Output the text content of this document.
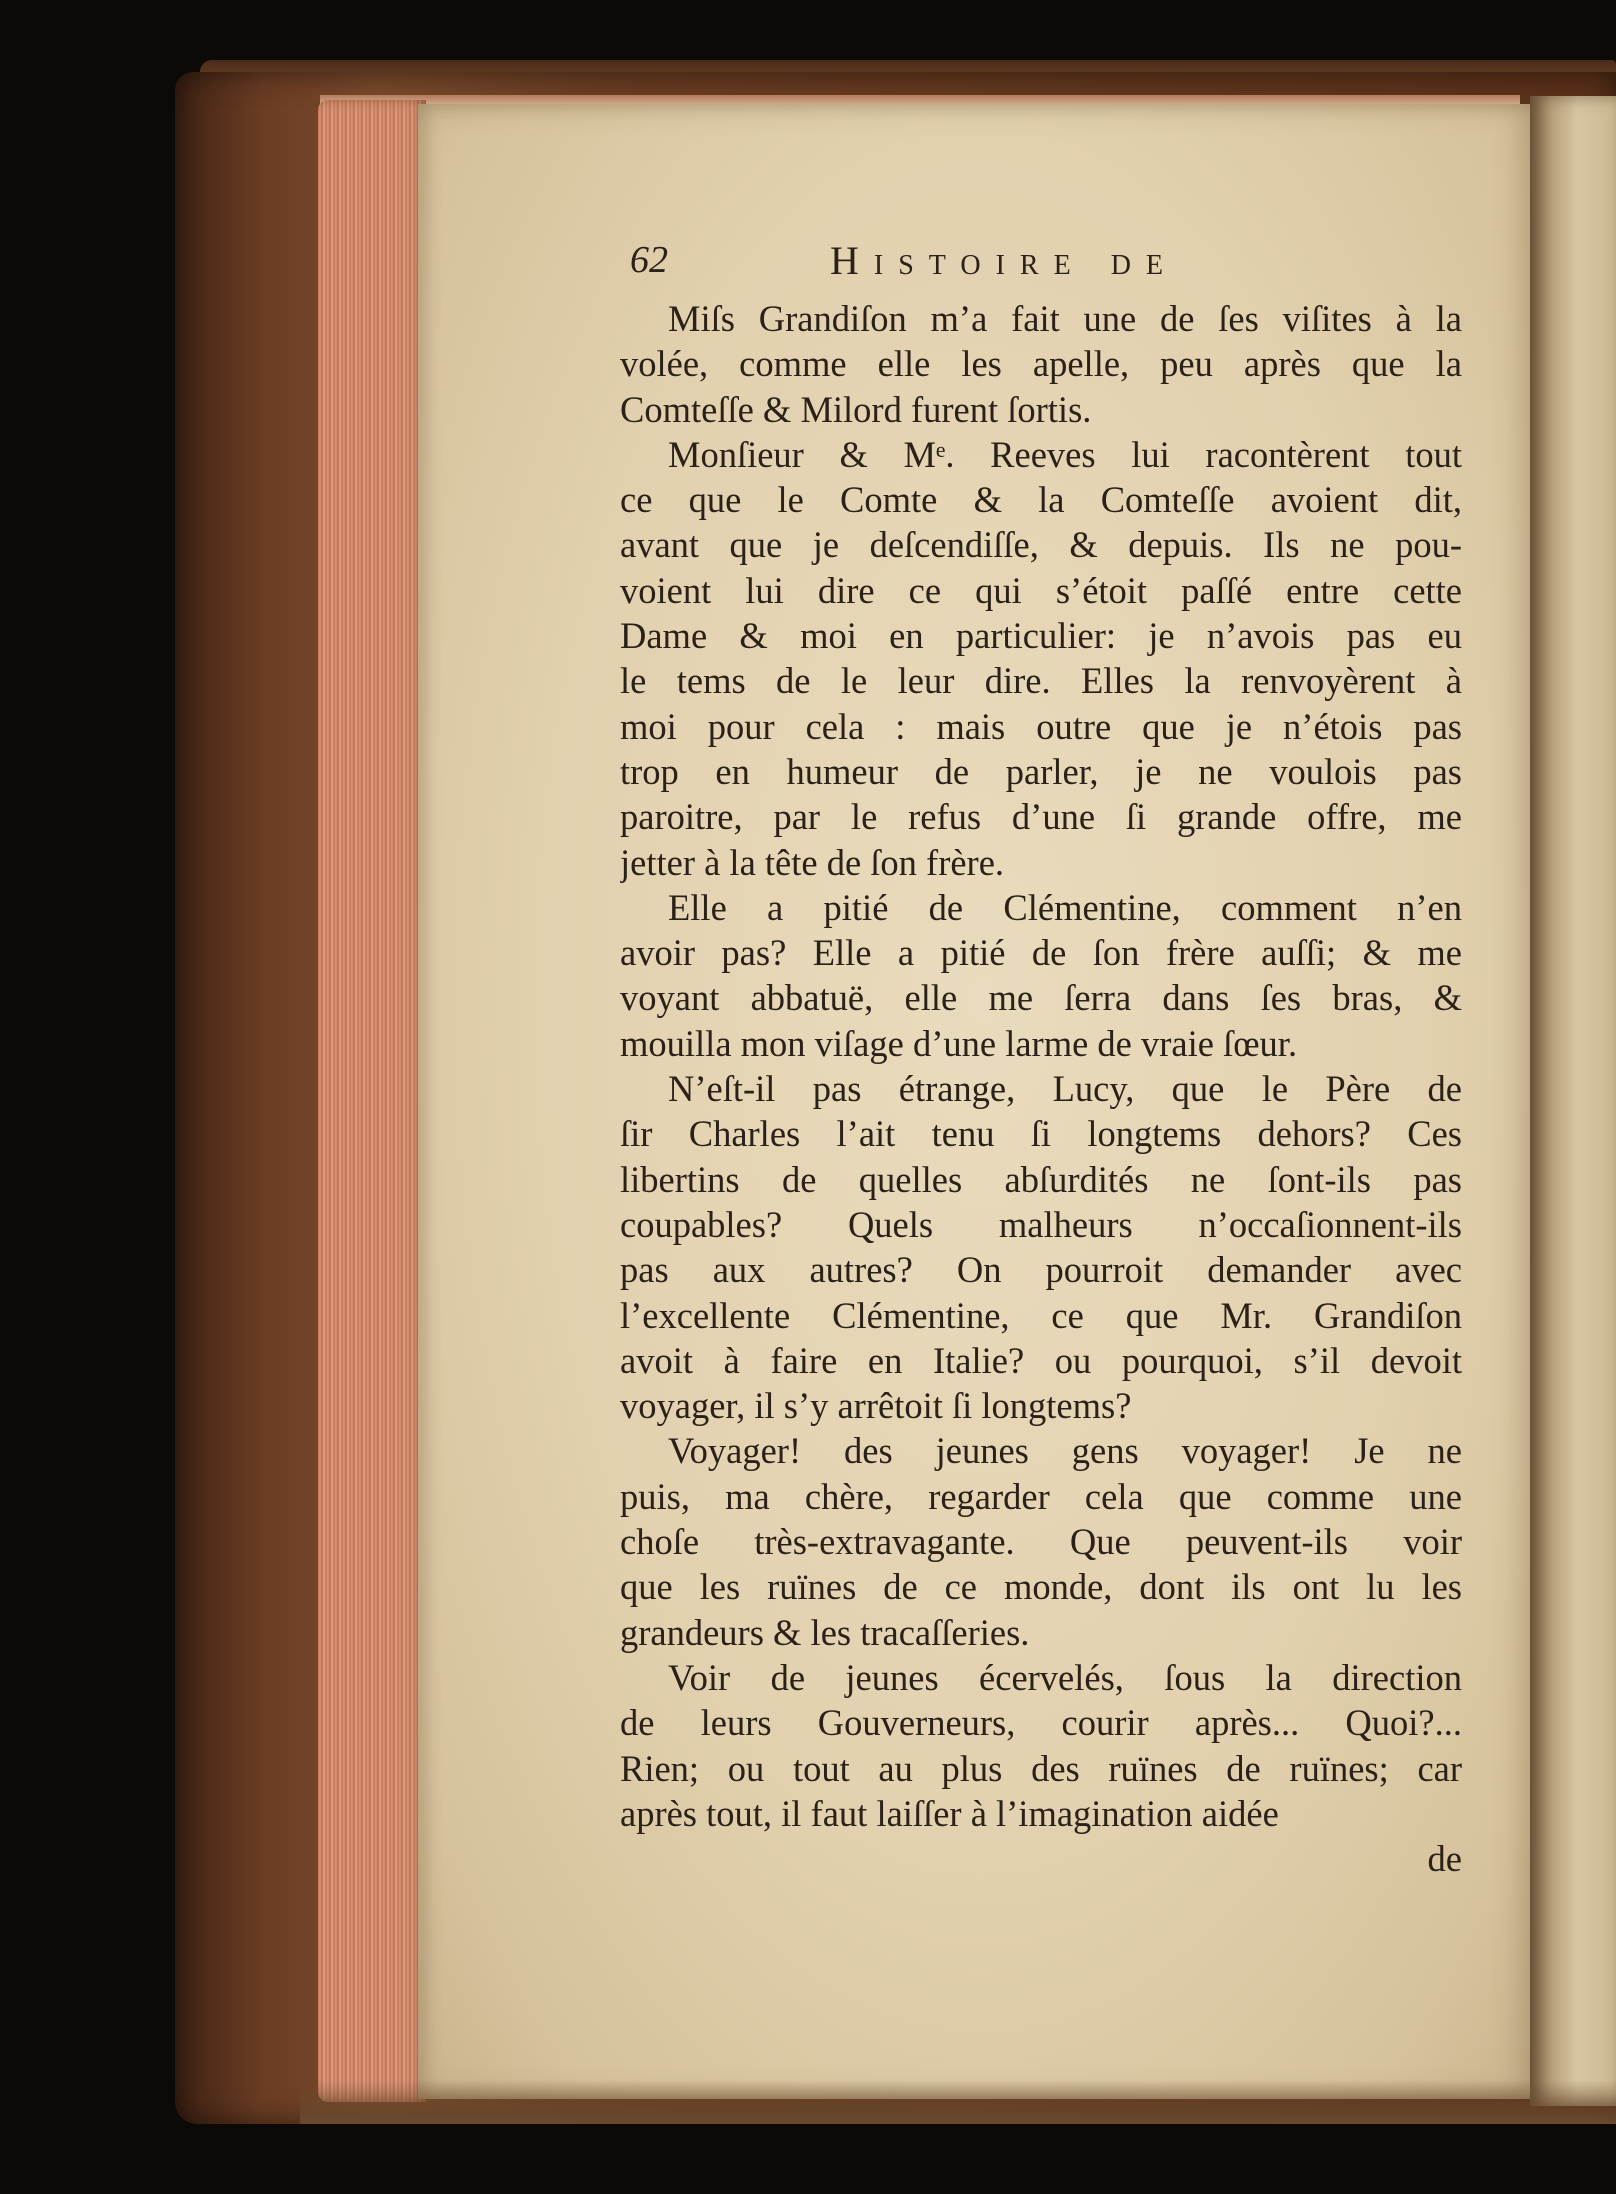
62	Histoire de

Miſs Grandiſon m’a fait une de ſes viſites à la
volée, comme elle les apelle, peu après que la
Comteſſe & Milord furent ſortis.

Monſieur & Mᵉ. Reeves lui racontèrent tout
ce que le Comte & la Comteſſe avoient dit,
avant que je deſcendiſſe, & depuis. Ils ne pou-
voient lui dire ce qui s’étoit paſſé entre cette
Dame & moi en particulier: je n’avois pas eu
le tems de le leur dire. Elles la renvoyèrent à
moi pour cela : mais outre que je n’étois pas
trop en humeur de parler, je ne voulois pas
paroitre, par le refus d’une ſi grande offre, me
jetter à la tête de ſon frère.

Elle a pitié de Clémentine, comment n’en
avoir pas? Elle a pitié de ſon frère auſſi; & me
voyant abbatuë, elle me ſerra dans ſes bras, &
mouilla mon viſage d’une larme de vraie ſœur.

N’eſt-il pas étrange, Lucy, que le Père de
ſir Charles l’ait tenu ſi longtems dehors? Ces
libertins de quelles abſurdités ne ſont-ils pas
coupables? Quels malheurs n’occaſionnent-ils
pas aux autres? On pourroit demander avec
l’excellente Clémentine, ce que Mr. Grandiſon
avoit à faire en Italie? ou pourquoi, s’il devoit
voyager, il s’y arrêtoit ſi longtems?

Voyager! des jeunes gens voyager! Je ne
puis, ma chère, regarder cela que comme une
choſe très-extravagante. Que peuvent-ils voir
que les ruïnes de ce monde, dont ils ont lu les
grandeurs & les tracaſſeries.

Voir de jeunes écervelés, ſous la direction
de leurs Gouverneurs, courir après... Quoi?...
Rien; ou tout au plus des ruïnes de ruïnes; car
après tout, il faut laiſſer à l’imagination aidée

de
